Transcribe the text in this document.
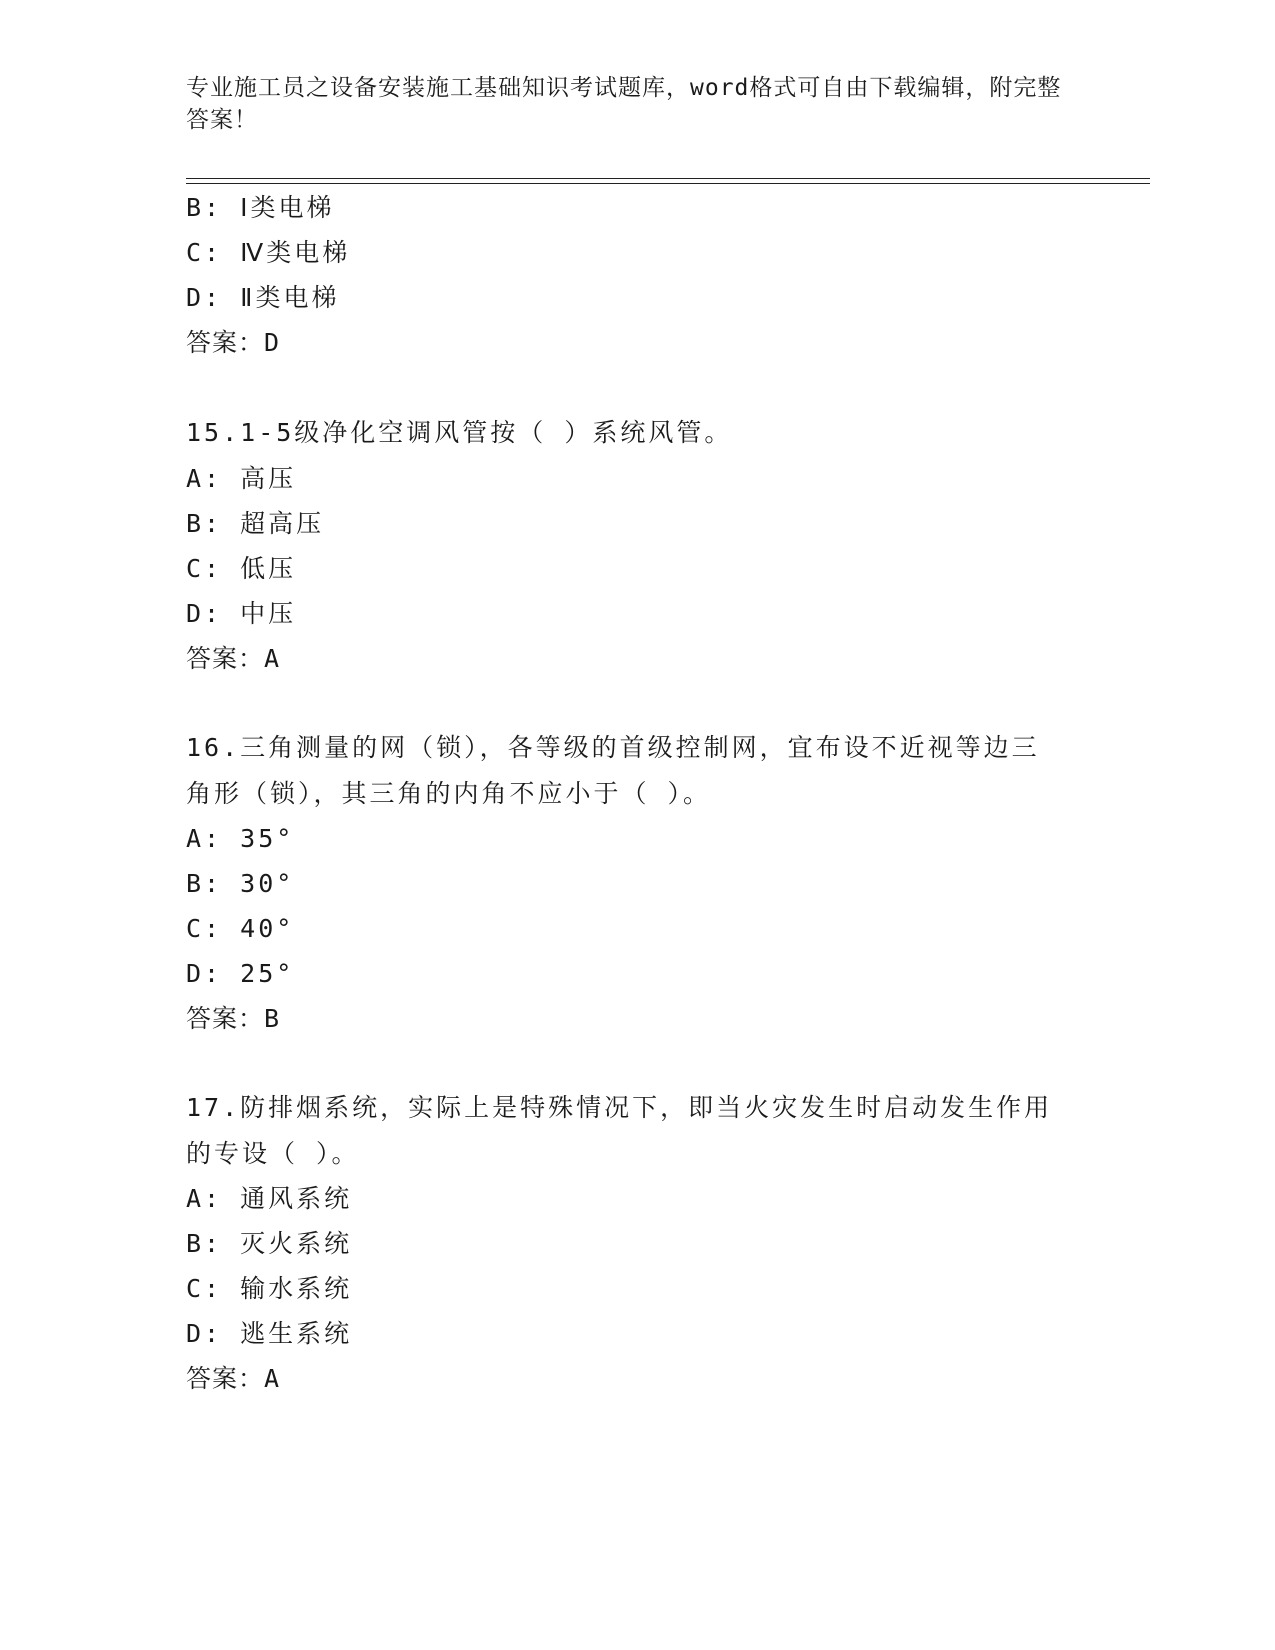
专业施工员之设备安装施工基础知识考试题库，word格式可自由下载编辑，附完整答案！
B: Ⅰ类电梯
C: Ⅳ类电梯
D: Ⅱ类电梯
答案：D
15.1-5级净化空调风管按（ ）系统风管。
A: 高压
B: 超高压
C: 低压
D: 中压
答案：A
16.三角测量的网（锁），各等级的首级控制网，宜布设不近视等边三角形（锁），其三角的内角不应小于（ ）。
A: 35°
B: 30°
C: 40°
D: 25°
答案：B
17.防排烟系统，实际上是特殊情况下，即当火灾发生时启动发生作用的专设（ ）。
A: 通风系统
B: 灭火系统
C: 输水系统
D: 逃生系统
答案：A
